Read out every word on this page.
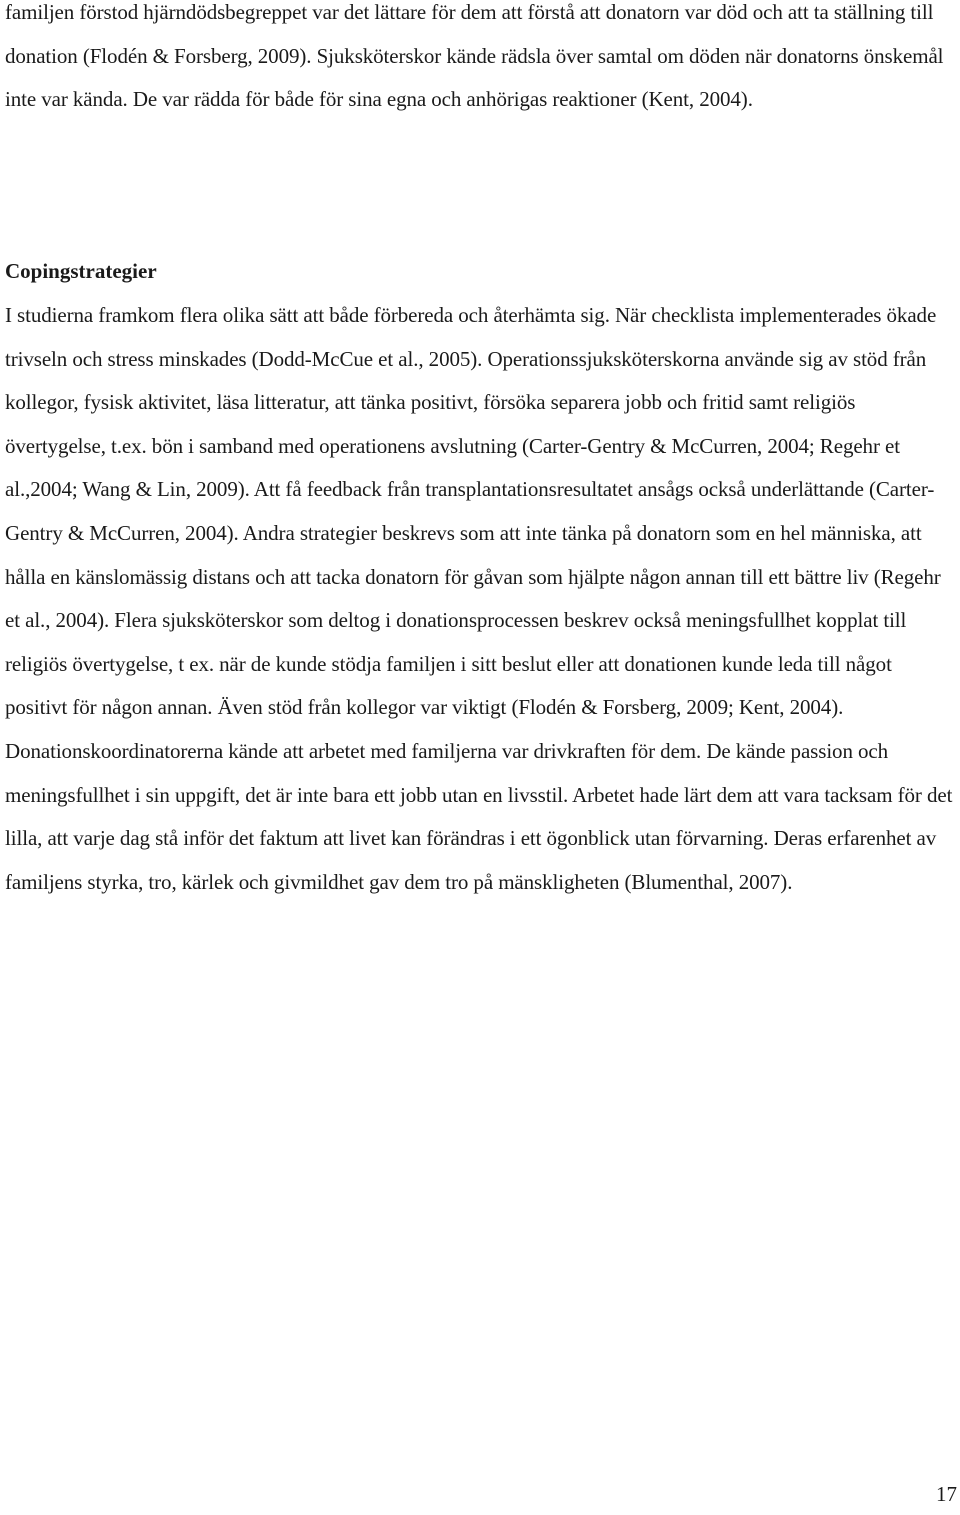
familjen förstod hjärndödsbegreppet var det lättare för dem att förstå att donatorn var död och att ta ställning till donation (Flodén & Forsberg, 2009). Sjuksköterskor kände rädsla över samtal om döden när donatorns önskemål inte var kända. De var rädda för både för sina egna och anhörigas reaktioner (Kent, 2004).

Copingstrategier

I studierna framkom flera olika sätt att både förbereda och återhämta sig. När checklista implementerades ökade trivseln och stress minskades (Dodd-McCue et al., 2005). Operationssjuksköterskorna använde sig av stöd från kollegor, fysisk aktivitet, läsa litteratur, att tänka positivt, försöka separera jobb och fritid samt religiös övertygelse, t.ex. bön i samband med operationens avslutning (Carter-Gentry & McCurren, 2004; Regehr et al.,2004; Wang & Lin, 2009). Att få feedback från transplantationsresultatet ansågs också underlättande (Carter-Gentry & McCurren, 2004). Andra strategier beskrevs som att inte tänka på donatorn som en hel människa, att hålla en känslomässig distans och att tacka donatorn för gåvan som hjälpte någon annan till ett bättre liv (Regehr et al., 2004). Flera sjuksköterskor som deltog i donationsprocessen beskrev också meningsfullhet kopplat till religiös övertygelse, t ex. när de kunde stödja familjen i sitt beslut eller att donationen kunde leda till något positivt för någon annan. Även stöd från kollegor var viktigt (Flodén & Forsberg, 2009; Kent, 2004). Donationskoordinatorerna kände att arbetet med familjerna var drivkraften för dem. De kände passion och meningsfullhet i sin uppgift, det är inte bara ett jobb utan en livsstil. Arbetet hade lärt dem att vara tacksam för det lilla, att varje dag stå inför det faktum att livet kan förändras i ett ögonblick utan förvarning. Deras erfarenhet av familjens styrka, tro, kärlek och givmildhet gav dem tro på mänskligheten (Blumenthal, 2007).

17
